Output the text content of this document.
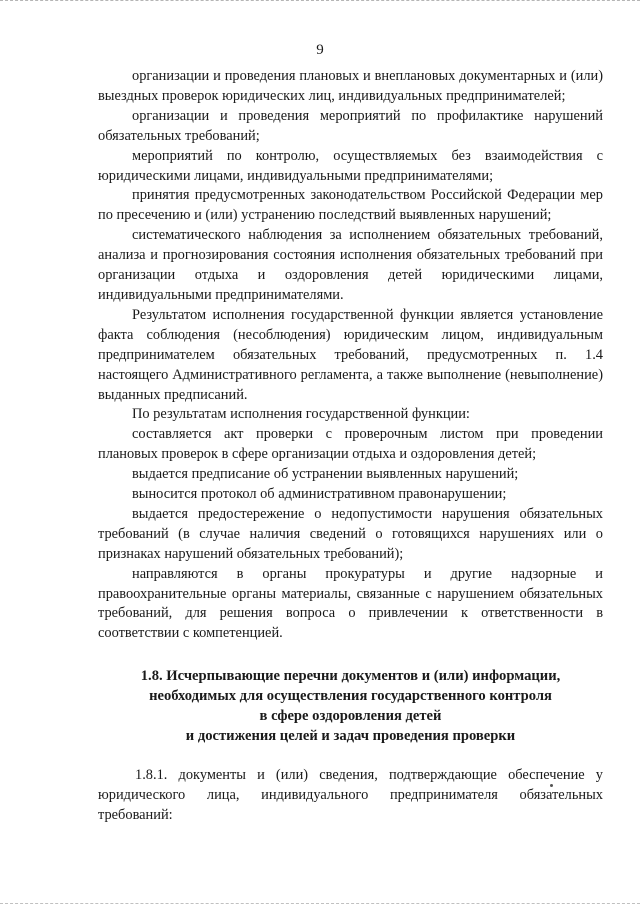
9

организации и проведения плановых и внеплановых документарных и (или) выездных проверок юридических лиц, индивидуальных предпринимателей;

организации и проведения мероприятий по профилактике нарушений обязательных требований;

мероприятий по контролю, осуществляемых без взаимодействия с юридическими лицами, индивидуальными предпринимателями;

принятия предусмотренных законодательством Российской Федерации мер по пресечению и (или) устранению последствий выявленных нарушений;

систематического наблюдения за исполнением обязательных требований, анализа и прогнозирования состояния исполнения обязательных требований при организации отдыха и оздоровления детей юридическими лицами, индивидуальными предпринимателями.

Результатом исполнения государственной функции является установление факта соблюдения (несоблюдения) юридическим лицом, индивидуальным предпринимателем обязательных требований, предусмотренных п. 1.4 настоящего Административного регламента, а также выполнение (невыполнение) выданных предписаний.

По результатам исполнения государственной функции:

составляется акт проверки с проверочным листом при проведении плановых проверок в сфере организации отдыха и оздоровления детей;

выдается предписание об устранении выявленных нарушений;

выносится протокол об административном правонарушении;

выдается предостережение о недопустимости нарушения обязательных требований (в случае наличия сведений о готовящихся нарушениях или о признаках нарушений обязательных требований);

направляются в органы прокуратуры и другие надзорные и правоохранительные органы материалы, связанные с нарушением обязательных требований, для решения вопроса о привлечении к ответственности в соответствии с компетенцией.

1.8. Исчерпывающие перечни документов и (или) информации,
необходимых для осуществления государственного контроля
в сфере оздоровления детей
и достижения целей и задач проведения проверки

1.8.1. документы и (или) сведения, подтверждающие обеспечение у юридического лица, индивидуального предпринимателя обязательных требований:
